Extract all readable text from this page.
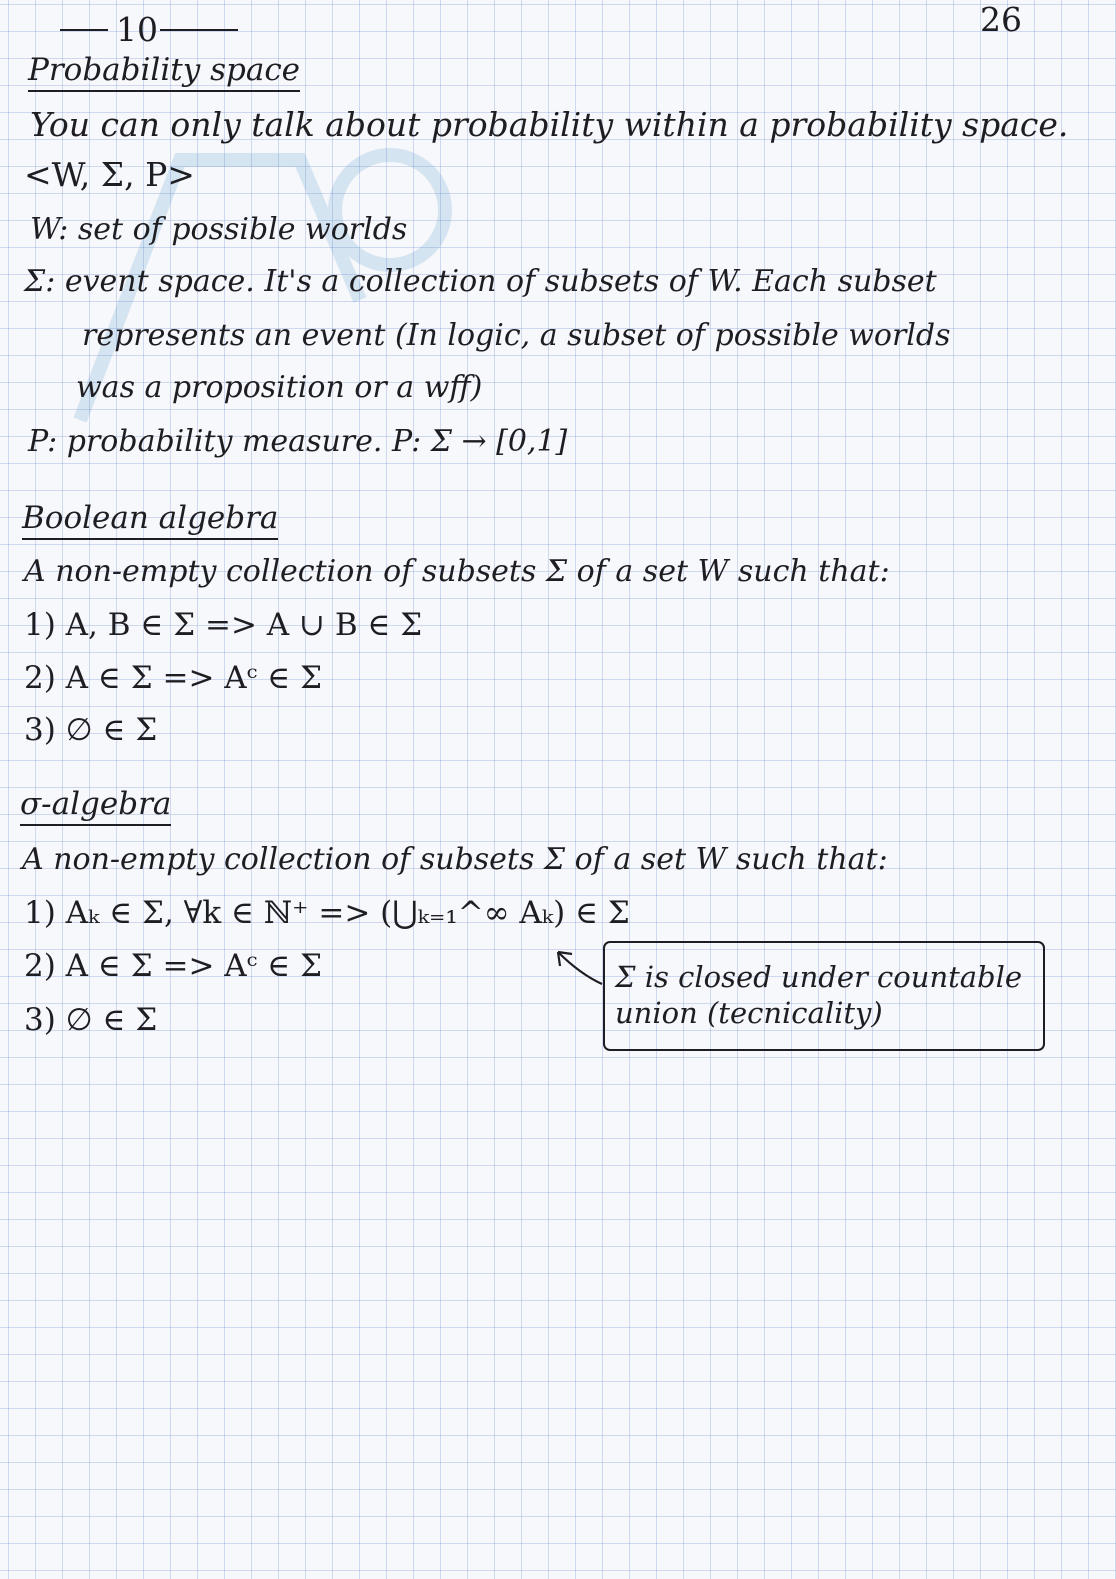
10	26
Probability space
You can only talk about probability within a probability space.
<W, Σ, P>
W: set of possible worlds
Σ: event space. It's a collection of subsets of W. Each subset
represents an event (In logic, a subset of possible worlds
was a proposition or a wff)
P: probability measure. P: Σ → [0,1]
Boolean algebra
A non-empty collection of subsets Σ of a set W such that:
1) A, B ∈ Σ => A ∪ B ∈ Σ
2) A ∈ Σ => Aᶜ ∈ Σ
3) ∅ ∈ Σ
σ-algebra
A non-empty collection of subsets Σ of a set W such that:
1) Aₖ ∈ Σ, ∀k ∈ ℕ⁺ => (⋃ₖ₌₁^∞ Aₖ) ∈ Σ
2) A ∈ Σ => Aᶜ ∈ Σ
3) ∅ ∈ Σ
Σ is closed under countable
union (tecnicality)
